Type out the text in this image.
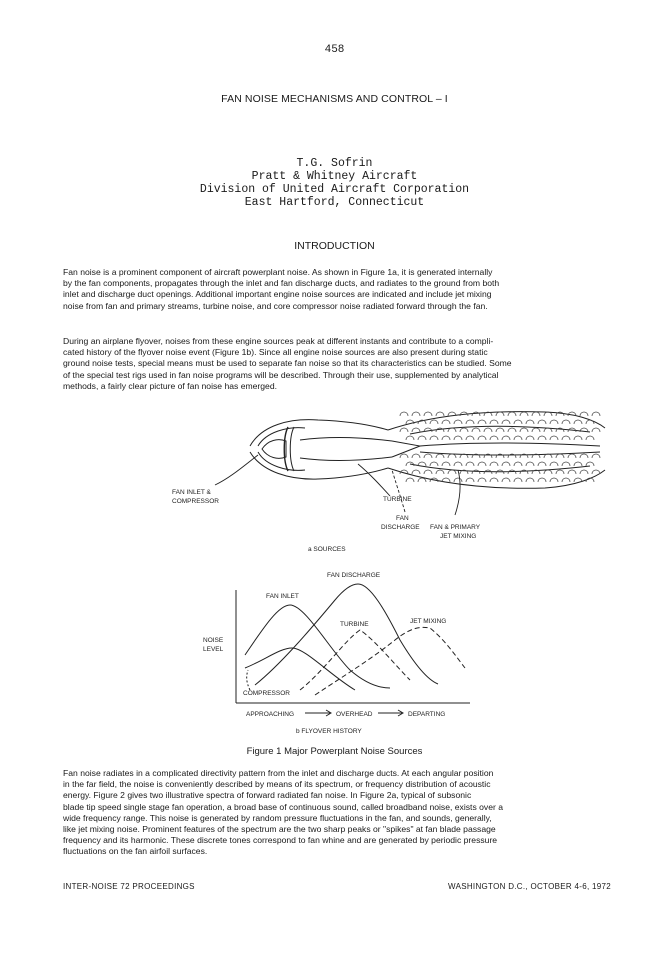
458
FAN NOISE MECHANISMS AND CONTROL – I
T.G. Sofrin
Pratt & Whitney Aircraft
Division of United Aircraft Corporation
East Hartford, Connecticut
INTRODUCTION
Fan noise is a prominent component of aircraft powerplant noise. As shown in Figure 1a, it is generated internally
by the fan components, propagates through the inlet and fan discharge ducts, and radiates to the ground from both
inlet and discharge duct openings. Additional important engine noise sources are indicated and include jet mixing
noise from fan and primary streams, turbine noise, and core compressor noise radiated forward through the fan.
During an airplane flyover, noises from these engine sources peak at different instants and contribute to a compli-
cated history of the flyover noise event (Figure 1b). Since all engine noise sources are also present during static
ground noise tests, special means must be used to separate fan noise so that its characteristics can be studied. Some
of the special test rigs used in fan noise programs will be described. Through their use, supplemented by analytical
methods, a fairly clear picture of fan noise has emerged.
FAN INLET &
COMPRESSOR	TURBINE
FAN
DISCHARGE FAN & PRIMARY
JET MIXING
a SOURCES
FAN DISCHARGE
FAN INLET
TURBINE	JET MIXING
NOISE
LEVEL
COMPRESSOR
APPROACHING	OVERHEAD	DEPARTING
b FLYOVER HISTORY
Figure 1 Major Powerplant Noise Sources
Fan noise radiates in a complicated directivity pattern from the inlet and discharge ducts. At each angular position
in the far field, the noise is conveniently described by means of its spectrum, or frequency distribution of acoustic
energy. Figure 2 gives two illustrative spectra of forward radiated fan noise. In Figure 2a, typical of subsonic
blade tip speed single stage fan operation, a broad base of continuous sound, called broadband noise, exists over a
wide frequency range. This noise is generated by random pressure fluctuations in the fan, and sounds, generally,
like jet mixing noise. Prominent features of the spectrum are the two sharp peaks or "spikes" at fan blade passage
frequency and its harmonic. These discrete tones correspond to fan whine and are generated by periodic pressure
fluctuations on the fan airfoil surfaces.
INTER-NOISE 72 PROCEEDINGS	WASHINGTON D.C., OCTOBER 4-6, 1972
